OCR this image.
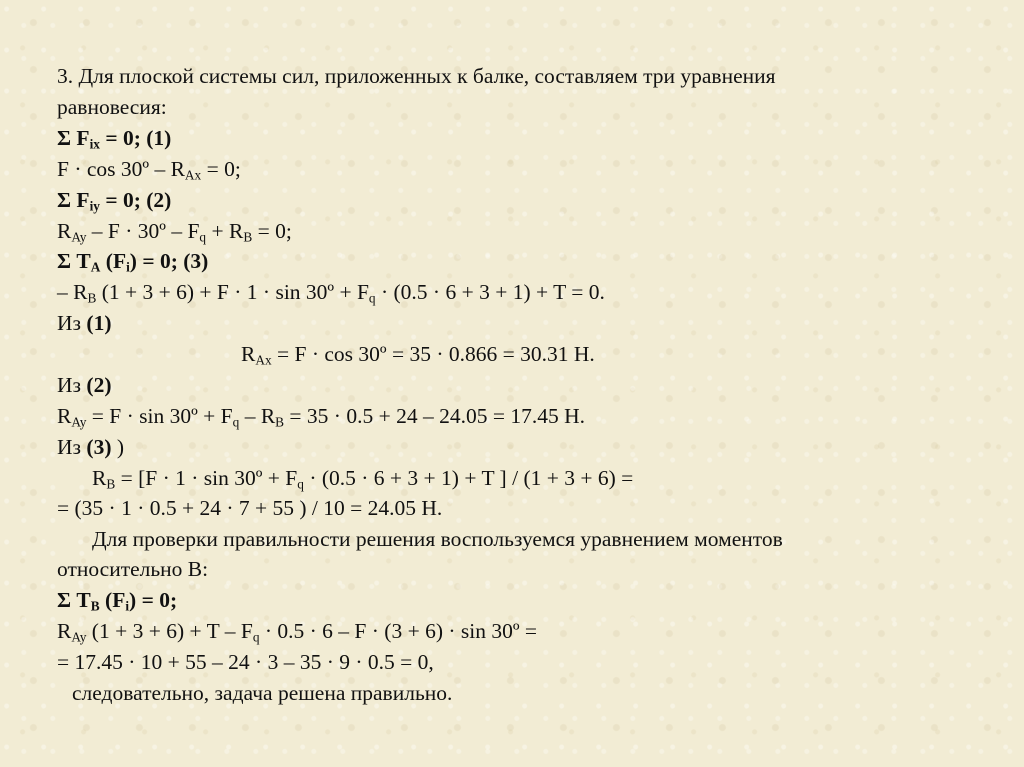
3. Для плоской системы сил, приложенных к балке, составляем три уравнения
равновесия:
Σ $F_{ix} = 0$; (1)
F · cos 30º – $R_{Ax} = 0$;
Σ $F_{iy} = 0$; (2)
$R_{Ay}$ – F · 30º – $F_q + R_B = 0$;
Σ $T_A$ $(F_i) = 0$; (3)
– $R_B$ (1 + 3 + 6) + F · 1 · sin 30º + $F_q \cdot (0.5 \cdot 6 + 3 + 1) + T = 0$.
Из (1)
$R_{Ax} = F \cdot \cos$ 30º = 35 · 0.866 = 30.31 Н.
Из (2)
$R_{Ay} = F \cdot \sin$ 30º + $F_q - R_B = 35 \cdot 0.5 + 24 - 24.05 = 17.45$ Н.
Из (3) )
$R_B = [F \cdot 1 \cdot \sin$ 30º + $F_q \cdot (0.5 \cdot 6 + 3 + 1) + T$ ] / (1 + 3 + 6) =
= (35 · 1 · 0.5 + 24 · 7 + 55 ) / 10 = 24.05 Н.
Для проверки правильности решения воспользуемся уравнением моментов
относительно В:
Σ $T_B$ $(F_i) = 0$;
$R_{Ay}$ $(1 + 3 + 6) + T - F_q \cdot 0.5 \cdot 6 - F \cdot (3 + 6) \cdot \sin$ 30º =
= 17.45 · 10 + 55 – 24 · 3 – 35 · 9 · 0.5 = 0,
следовательно, задача решена правильно.
